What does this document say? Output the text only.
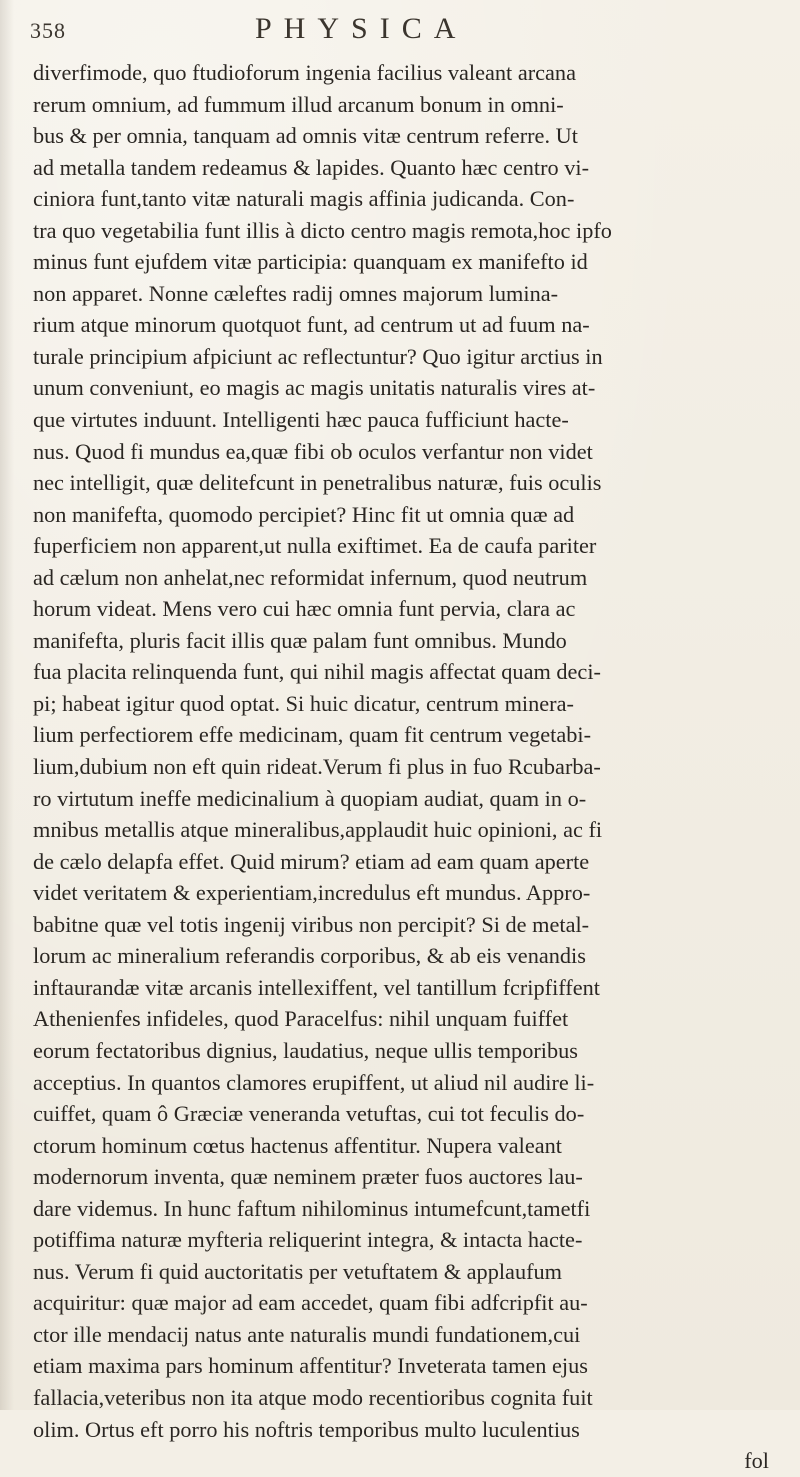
358	PHYSICA
diverfimode, quo ftudioforum ingenia facilius valeant arcana
rerum omnium, ad fummum illud arcanum bonum in omni-
bus & per omnia, tanquam ad omnis vitæ centrum referre. Ut
ad metalla tandem redeamus & lapides. Quanto hæc centro vi-
ciniora funt,tanto vitæ naturali magis affinia judicanda. Con-
tra quo vegetabilia funt illis à dicto centro magis remota,hoc ipfo
minus funt ejufdem vitæ participia: quanquam ex manifefto id
non apparet. Nonne cæleftes radij omnes majorum lumina-
rium atque minorum quotquot funt, ad centrum ut ad fuum na-
turale principium afpiciunt ac reflectuntur? Quo igitur arctius in
unum conveniunt, eo magis ac magis unitatis naturalis vires at-
que virtutes induunt. Intelligenti hæc pauca fufficiunt hacte-
nus. Quod fi mundus ea,quæ fibi ob oculos verfantur non videt
nec intelligit, quæ delitefcunt in penetralibus naturæ, fuis oculis
non manifefta, quomodo percipiet? Hinc fit ut omnia quæ ad
fuperficiem non apparent,ut nulla exiftimet. Ea de caufa pariter
ad cælum non anhelat,nec reformidat infernum, quod neutrum
horum videat. Mens vero cui hæc omnia funt pervia, clara ac
manifefta, pluris facit illis quæ palam funt omnibus. Mundo
fua placita relinquenda funt, qui nihil magis affectat quam deci-
pi; habeat igitur quod optat. Si huic dicatur, centrum minera-
lium perfectiorem effe medicinam, quam fit centrum vegetabi-
lium,dubium non eft quin rideat.Verum fi plus in fuo Rcubarba-
ro virtutum ineffe medicinalium à quopiam audiat, quam in o-
mnibus metallis atque mineralibus,applaudit huic opinioni, ac fi
de cælo delapfa effet. Quid mirum? etiam ad eam quam aperte
videt veritatem & experientiam,incredulus eft mundus. Appro-
babitne quæ vel totis ingenij viribus non percipit? Si de metal-
lorum ac mineralium referandis corporibus, & ab eis venandis
inftaurandæ vitæ arcanis intellexiffent, vel tantillum fcripfiffent
Athenienfes infideles, quod Paracelfus: nihil unquam fuiffet
eorum fectatoribus dignius, laudatius, neque ullis temporibus
acceptius. In quantos clamores erupiffent, ut aliud nil audire li-
cuiffet, quam ô Græciæ veneranda vetuftas, cui tot feculis do-
ctorum hominum cœtus hactenus affentitur. Nupera valeant
modernorum inventa, quæ neminem præter fuos auctores lau-
dare videmus. In hunc faftum nihilominus intumefcunt,tametfi
potiffima naturæ myfteria reliquerint integra, & intacta hacte-
nus. Verum fi quid auctoritatis per vetuftatem & applaufum
acquiritur: quæ major ad eam accedet, quam fibi adfcripfit au-
ctor ille mendacij natus ante naturalis mundi fundationem,cui
etiam maxima pars hominum affentitur? Inveterata tamen ejus
fallacia,veteribus non ita atque modo recentioribus cognita fuit
olim. Ortus eft porro his noftris temporibus multo luculentius
fol
